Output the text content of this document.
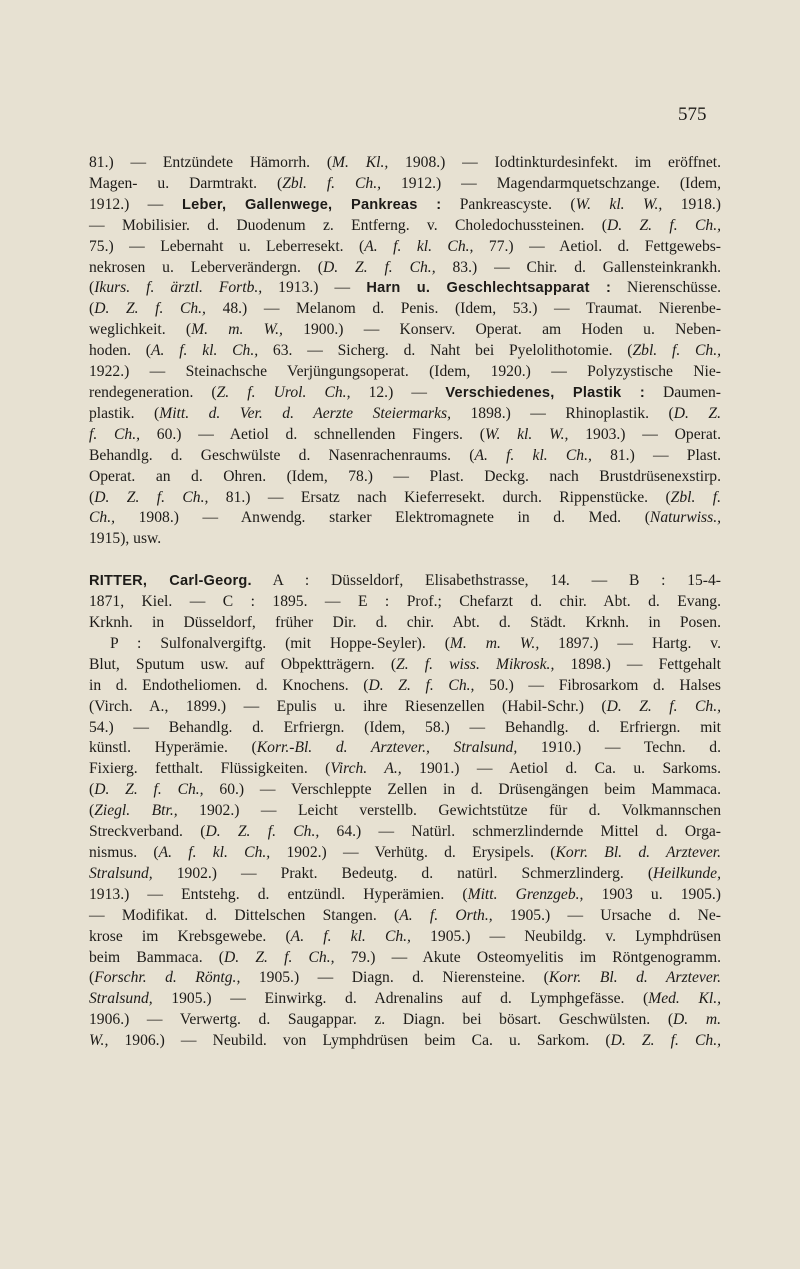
575
81.) — Entzündete Hämorrh. (M. Kl., 1908.) — Iodtinkturdesinfekt. im eröffnet.
Magen- u. Darmtrakt. (Zbl. f. Ch., 1912.) — Magendarmquetschzange. (Idem,
1912.) — Leber, Gallenwege, Pankreas : Pankreascyste. (W. kl. W., 1918.)
— Mobilisier. d. Duodenum z. Entferng. v. Choledochussteinen. (D. Z. f. Ch.,
75.) — Lebernaht u. Leberresekt. (A. f. kl. Ch., 77.) — Aetiol. d. Fettgewebs-
nekrosen u. Leberverändergn. (D. Z. f. Ch., 83.) — Chir. d. Gallensteinkrankh.
(Ikurs. f. ärztl. Fortb., 1913.) — Harn u. Geschlechtsapparat : Nierenschüsse.
(D. Z. f. Ch., 48.) — Melanom d. Penis. (Idem, 53.) — Traumat. Nierenbe-
weglichkeit. (M. m. W., 1900.) — Konserv. Operat. am Hoden u. Neben-
hoden. (A. f. kl. Ch., 63. — Sicherg. d. Naht bei Pyelolithotomie. (Zbl. f. Ch.,
1922.) — Steinachsche Verjüngungsoperat. (Idem, 1920.) — Polyzystische Nie-
rendegeneration. (Z. f. Urol. Ch., 12.) — Verschiedenes, Plastik : Daumen-
plastik. (Mitt. d. Ver. d. Aerzte Steiermarks, 1898.) — Rhinoplastik. (D. Z.
f. Ch., 60.) — Aetiol d. schnellenden Fingers. (W. kl. W., 1903.) — Operat.
Behandlg. d. Geschwülste d. Nasenrachenraums. (A. f. kl. Ch., 81.) — Plast.
Operat. an d. Ohren. (Idem, 78.) — Plast. Deckg. nach Brustdrüsenexstirp.
(D. Z. f. Ch., 81.) — Ersatz nach Kieferresekt. durch. Rippenstücke. (Zbl. f.
Ch., 1908.) — Anwendg. starker Elektromagnete in d. Med. (Naturwiss.,
1915), usw.
RITTER, Carl-Georg. A : Düsseldorf, Elisabethstrasse, 14. — B : 15-4-
1871, Kiel. — C : 1895. — E : Prof.; Chefarzt d. chir. Abt. d. Evang.
Krknh. in Düsseldorf, früher Dir. d. chir. Abt. d. Städt. Krknh. in Posen.
P : Sulfonalvergiftg. (mit Hoppe-Seyler). (M. m. W., 1897.) — Hartg. v.
Blut, Sputum usw. auf Obpektträgern. (Z. f. wiss. Mikrosk., 1898.) — Fettgehalt
in d. Endotheliomen. d. Knochens. (D. Z. f. Ch., 50.) — Fibrosarkom d. Halses
(Virch. A., 1899.) — Epulis u. ihre Riesenzellen (Habil-Schr.) (D. Z. f. Ch.,
54.) — Behandlg. d. Erfriergn. (Idem, 58.) — Behandlg. d. Erfriergn. mit
künstl. Hyperämie. (Korr.-Bl. d. Arztever., Stralsund, 1910.) — Techn. d.
Fixierg. fetthalt. Flüssigkeiten. (Virch. A., 1901.) — Aetiol d. Ca. u. Sarkoms.
(D. Z. f. Ch., 60.) — Verschleppte Zellen in d. Drüsengängen beim Mammaca.
(Ziegl. Btr., 1902.) — Leicht verstellb. Gewichtstütze für d. Volkmannschen
Streckverband. (D. Z. f. Ch., 64.) — Natürl. schmerzlindernde Mittel d. Orga-
nismus. (A. f. kl. Ch., 1902.) — Verhütg. d. Erysipels. (Korr. Bl. d. Arztever.
Stralsund, 1902.) — Prakt. Bedeutg. d. natürl. Schmerzlinderg. (Heilkunde,
1913.) — Entstehg. d. entzündl. Hyperämien. (Mitt. Grenzgeb., 1903 u. 1905.)
— Modifikat. d. Dittelschen Stangen. (A. f. Orth., 1905.) — Ursache d. Ne-
krose im Krebsgewebe. (A. f. kl. Ch., 1905.) — Neubildg. v. Lymphdrüsen
beim Bammaca. (D. Z. f. Ch., 79.) — Akute Osteomyelitis im Röntgenogramm.
(Forschr. d. Röntg., 1905.) — Diagn. d. Nierensteine. (Korr. Bl. d. Arztever.
Stralsund, 1905.) — Einwirkg. d. Adrenalins auf d. Lymphgefässe. (Med. Kl.,
1906.) — Verwertg. d. Saugappar. z. Diagn. bei bösart. Geschwülsten. (D. m.
W., 1906.) — Neubild. von Lymphdrüsen beim Ca. u. Sarkom. (D. Z. f. Ch.,
